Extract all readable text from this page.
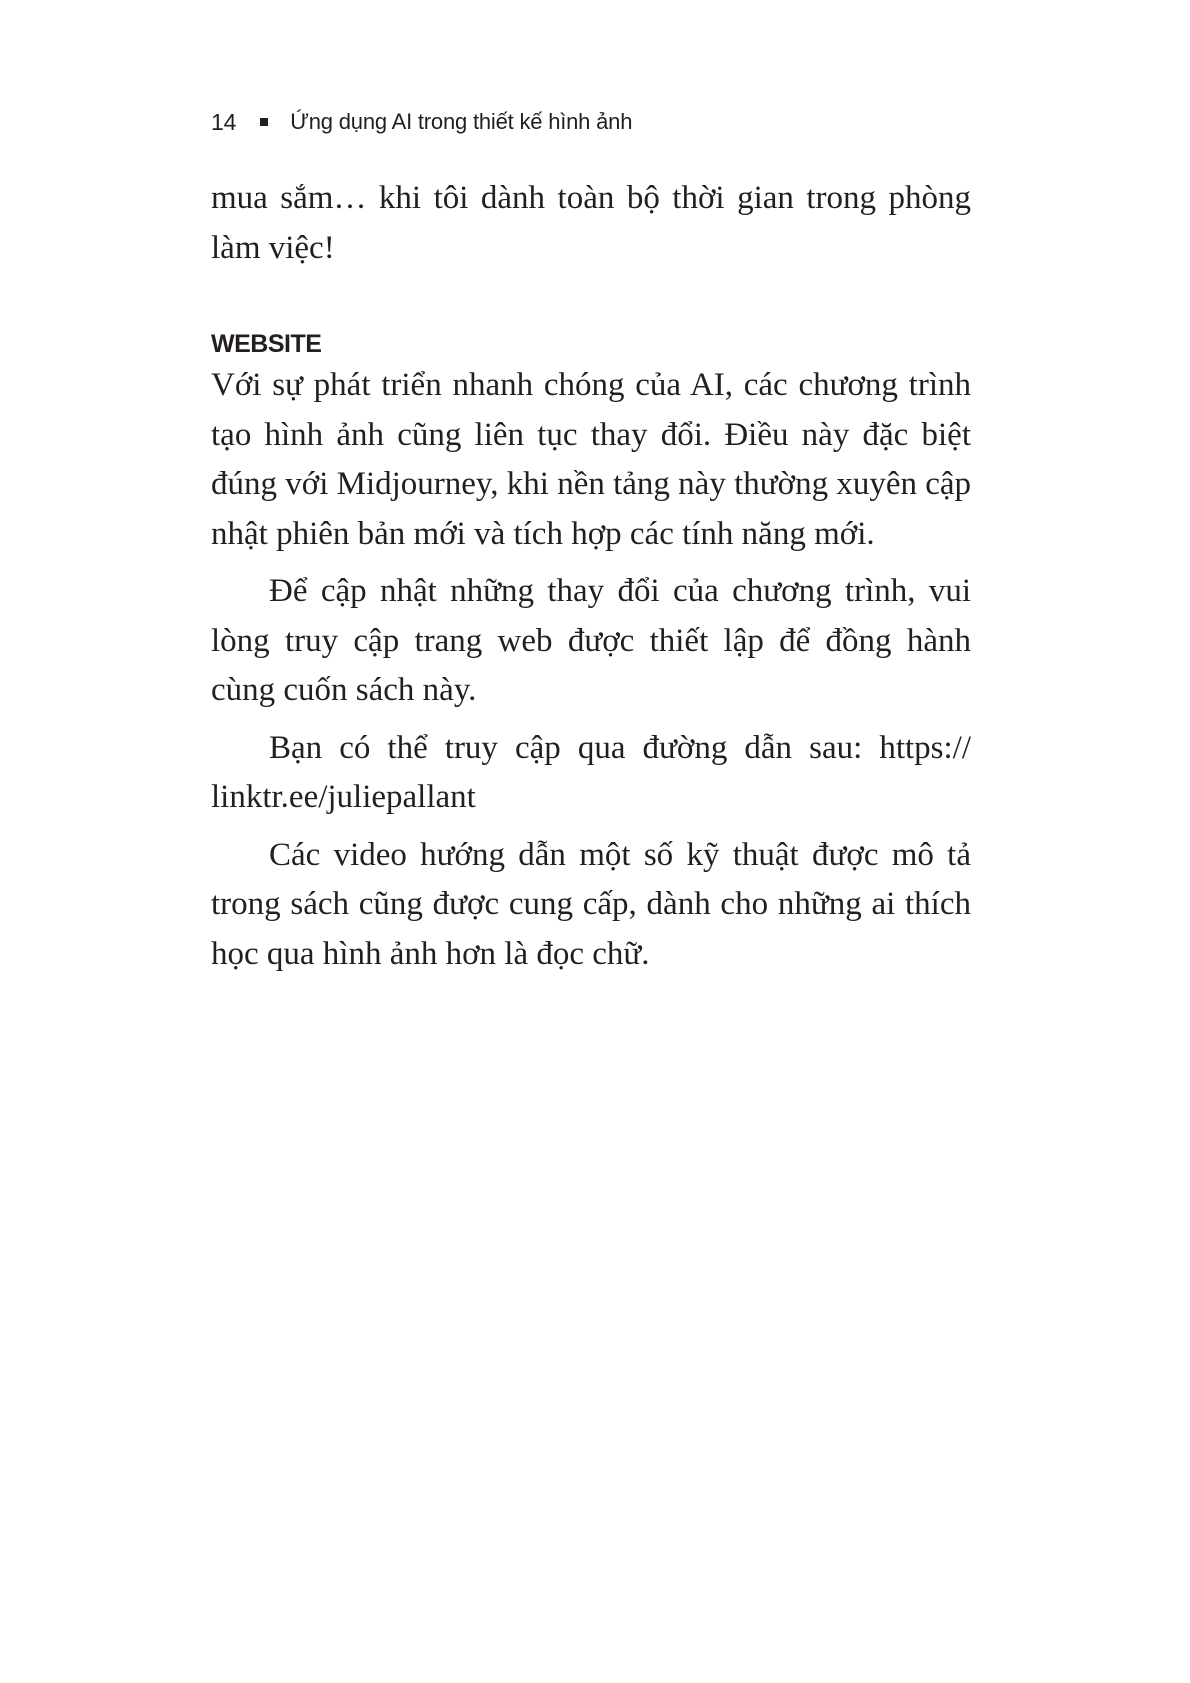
14 Ứng dụng AI trong thiết kế hình ảnh

mua sắm… khi tôi dành toàn bộ thời gian trong phòng làm việc!

WEBSITE

Với sự phát triển nhanh chóng của AI, các chương trình tạo hình ảnh cũng liên tục thay đổi. Điều này đặc biệt đúng với Midjourney, khi nền tảng này thường xuyên cập nhật phiên bản mới và tích hợp các tính năng mới.

Để cập nhật những thay đổi của chương trình, vui lòng truy cập trang web được thiết lập để đồng hành cùng cuốn sách này.

Bạn có thể truy cập qua đường dẫn sau: https:// linktr.ee/juliepallant

Các video hướng dẫn một số kỹ thuật được mô tả trong sách cũng được cung cấp, dành cho những ai thích học qua hình ảnh hơn là đọc chữ.
